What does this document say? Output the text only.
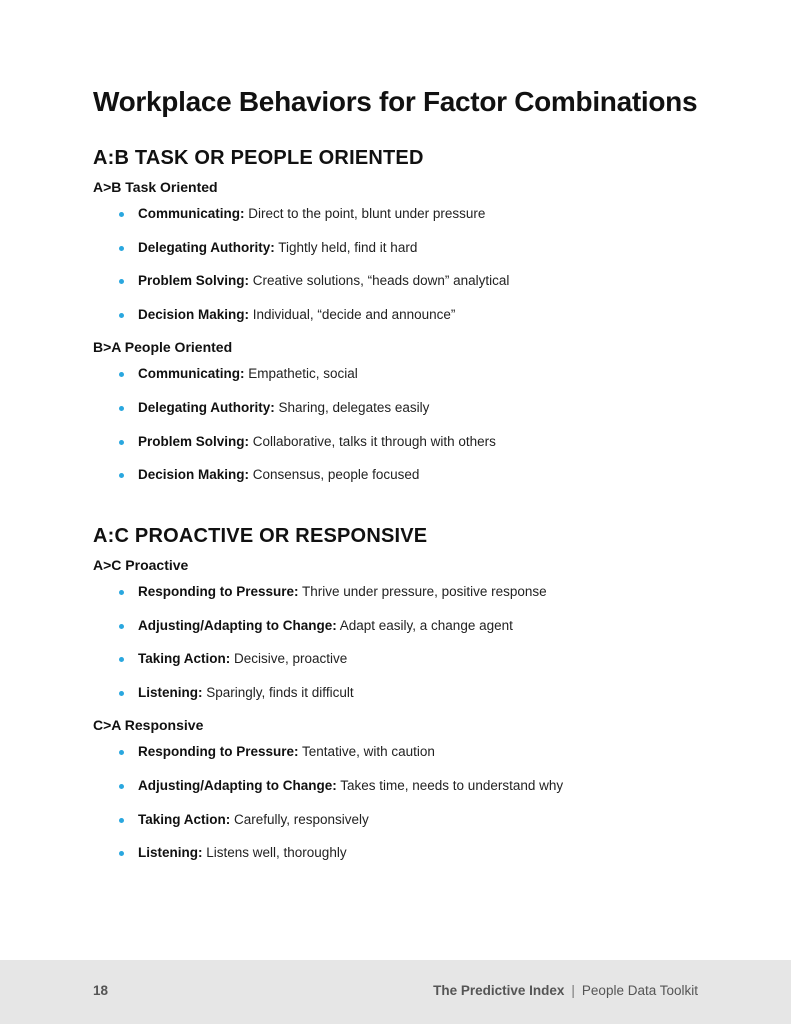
Workplace Behaviors for Factor Combinations
A:B TASK OR PEOPLE ORIENTED
A>B Task Oriented
Communicating: Direct to the point, blunt under pressure
Delegating Authority: Tightly held, find it hard
Problem Solving: Creative solutions, “heads down” analytical
Decision Making: Individual, “decide and announce”
B>A People Oriented
Communicating: Empathetic, social
Delegating Authority: Sharing, delegates easily
Problem Solving: Collaborative, talks it through with others
Decision Making: Consensus, people focused
A:C PROACTIVE OR RESPONSIVE
A>C Proactive
Responding to Pressure: Thrive under pressure, positive response
Adjusting/Adapting to Change: Adapt easily, a change agent
Taking Action: Decisive, proactive
Listening: Sparingly, finds it difficult
C>A Responsive
Responding to Pressure: Tentative, with caution
Adjusting/Adapting to Change: Takes time, needs to understand why
Taking Action: Carefully, responsively
Listening: Listens well, thoroughly
18	The Predictive Index | People Data Toolkit
